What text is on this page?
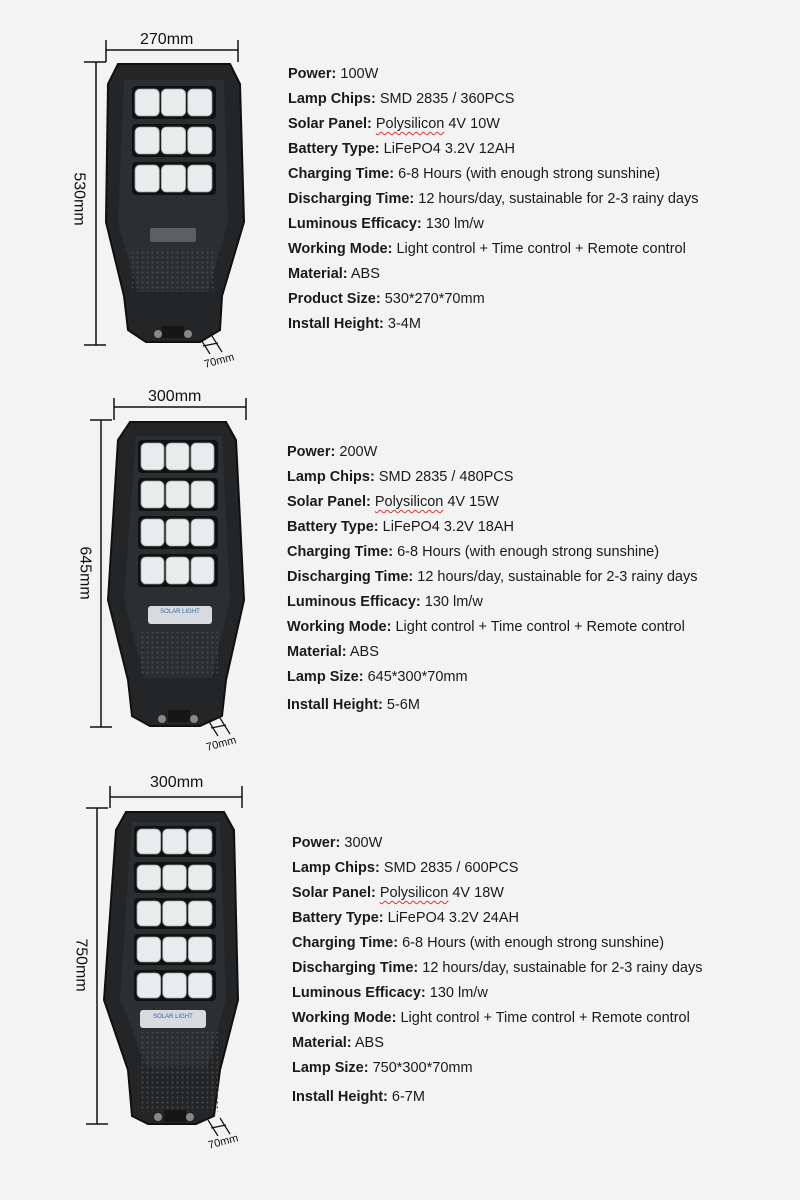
270mm
530mm
70mm
Power: 100W
Lamp Chips: SMD 2835 / 360PCS
Solar Panel: Polysilicon 4V 10W
Battery Type: LiFePO4 3.2V 12AH
Charging Time: 6-8 Hours (with enough strong sunshine)
Discharging Time: 12 hours/day, sustainable for 2-3 rainy days
Luminous Efficacy: 130 lm/w
Working Mode: Light control + Time control + Remote control
Material: ABS
Product Size: 530*270*70mm
Install Height: 3-4M
300mm
645mm
70mm
SOLAR LIGHT
Power: 200W
Lamp Chips: SMD 2835 / 480PCS
Solar Panel: Polysilicon 4V 15W
Battery Type: LiFePO4 3.2V 18AH
Charging Time: 6-8 Hours (with enough strong sunshine)
Discharging Time: 12 hours/day, sustainable for 2-3 rainy days
Luminous Efficacy: 130 lm/w
Working Mode: Light control + Time control + Remote control
Material: ABS
Lamp Size: 645*300*70mm
Install Height: 5-6M
300mm
750mm
70mm
SOLAR LIGHT
Power: 300W
Lamp Chips: SMD 2835 / 600PCS
Solar Panel: Polysilicon 4V 18W
Battery Type: LiFePO4 3.2V 24AH
Charging Time: 6-8 Hours (with enough strong sunshine)
Discharging Time: 12 hours/day, sustainable for 2-3 rainy days
Luminous Efficacy: 130 lm/w
Working Mode: Light control + Time control + Remote control
Material: ABS
Lamp Size: 750*300*70mm
Install Height: 6-7M
